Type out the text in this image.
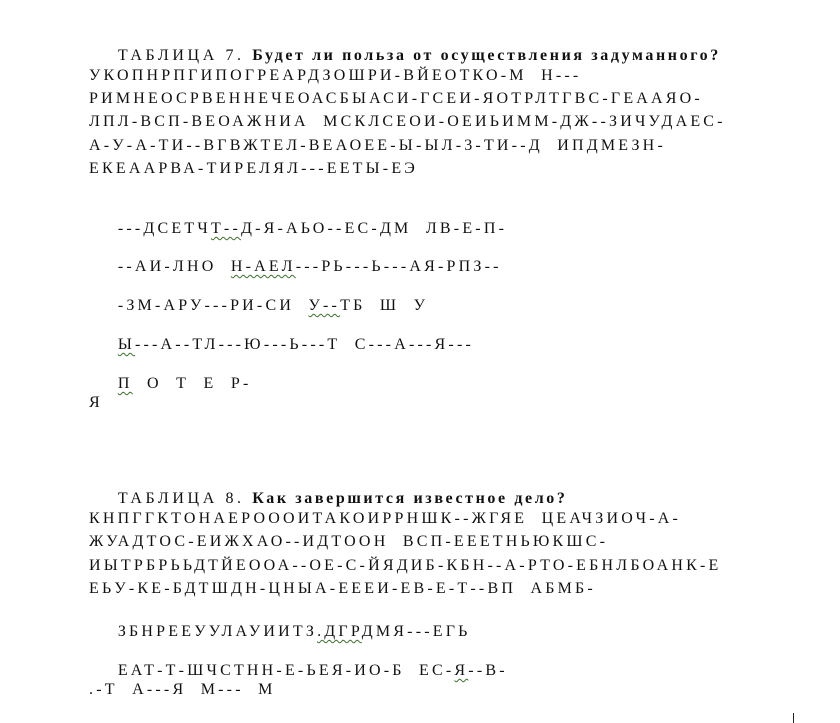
ТАБЛИЦА 7. Будет ли польза от осуществления задуманного?

УКОПНРПГИПОГРЕАРДЗОШРИ-ВЙЕОТКО-М  Н---
РИМНЕОСРВЕННЕЧЕОАСБЫАСИ-ГСЕИ-ЯОТРЛТГВС-ГЕААЯО-
ЛПЛ-ВСП-ВЕОАЖНИА  МСКЛСЕОИ-ОЕИЬИММ-ДЖ--ЗИЧУДАЕС-
А-У-А-ТИ--ВГВЖТЕЛ-ВЕАОЕЕ-Ы-ЫЛ-3-ТИ--Д  ИПДМЕЗН-
ЕКЕААРВА-ТИРЕЛЯЛ---ЕЕТЫ-ЕЭ

---ДСЕТЧТ--Д-Я-АЬО--ЕС-ДМ  ЛВ-Е-П-

--АИ-ЛНО  Н-АЕЛ---РЬ---Ь---АЯ-РПЗ--

-ЗМ-АРУ---РИ-СИ  У--ТБ  Ш  У

Ы---А--ТЛ---Ю---Ь---Т  С---А---Я---

П  О  Т  Е  Р-

Я

ТАБЛИЦА 8. Как завершится известное дело?

КНПГГКТОНАЕРОООИТАКОИРРНШК--ЖГЯЕ  ЦЕАЧЗИОЧ-А-
ЖУАДТОС-ЕИЖХАО--ИДТООН  ВСП-ЕЕЕТНЬЮКШС-
ИЫТРБРЬЬДТЙЕООА--ОЕ-С-ЙЯДИБ-КБН--А-РТО-ЕБНЛБОАНК-Е
ЕЬУ-КЕ-БДТШДН-ЦНЫА-ЕЕЕИ-ЕВ-Е-Т--ВП  АБМБ-

ЗБНРЕЕУУЛАУИИТЗ.ДГРДМЯ---ЕГЬ

ЕАТ-Т-ШЧСТНН-Е-ЬЕЯ-ИО-Б  ЕС-Я--В-

.-Т  А---Я  М---  М
